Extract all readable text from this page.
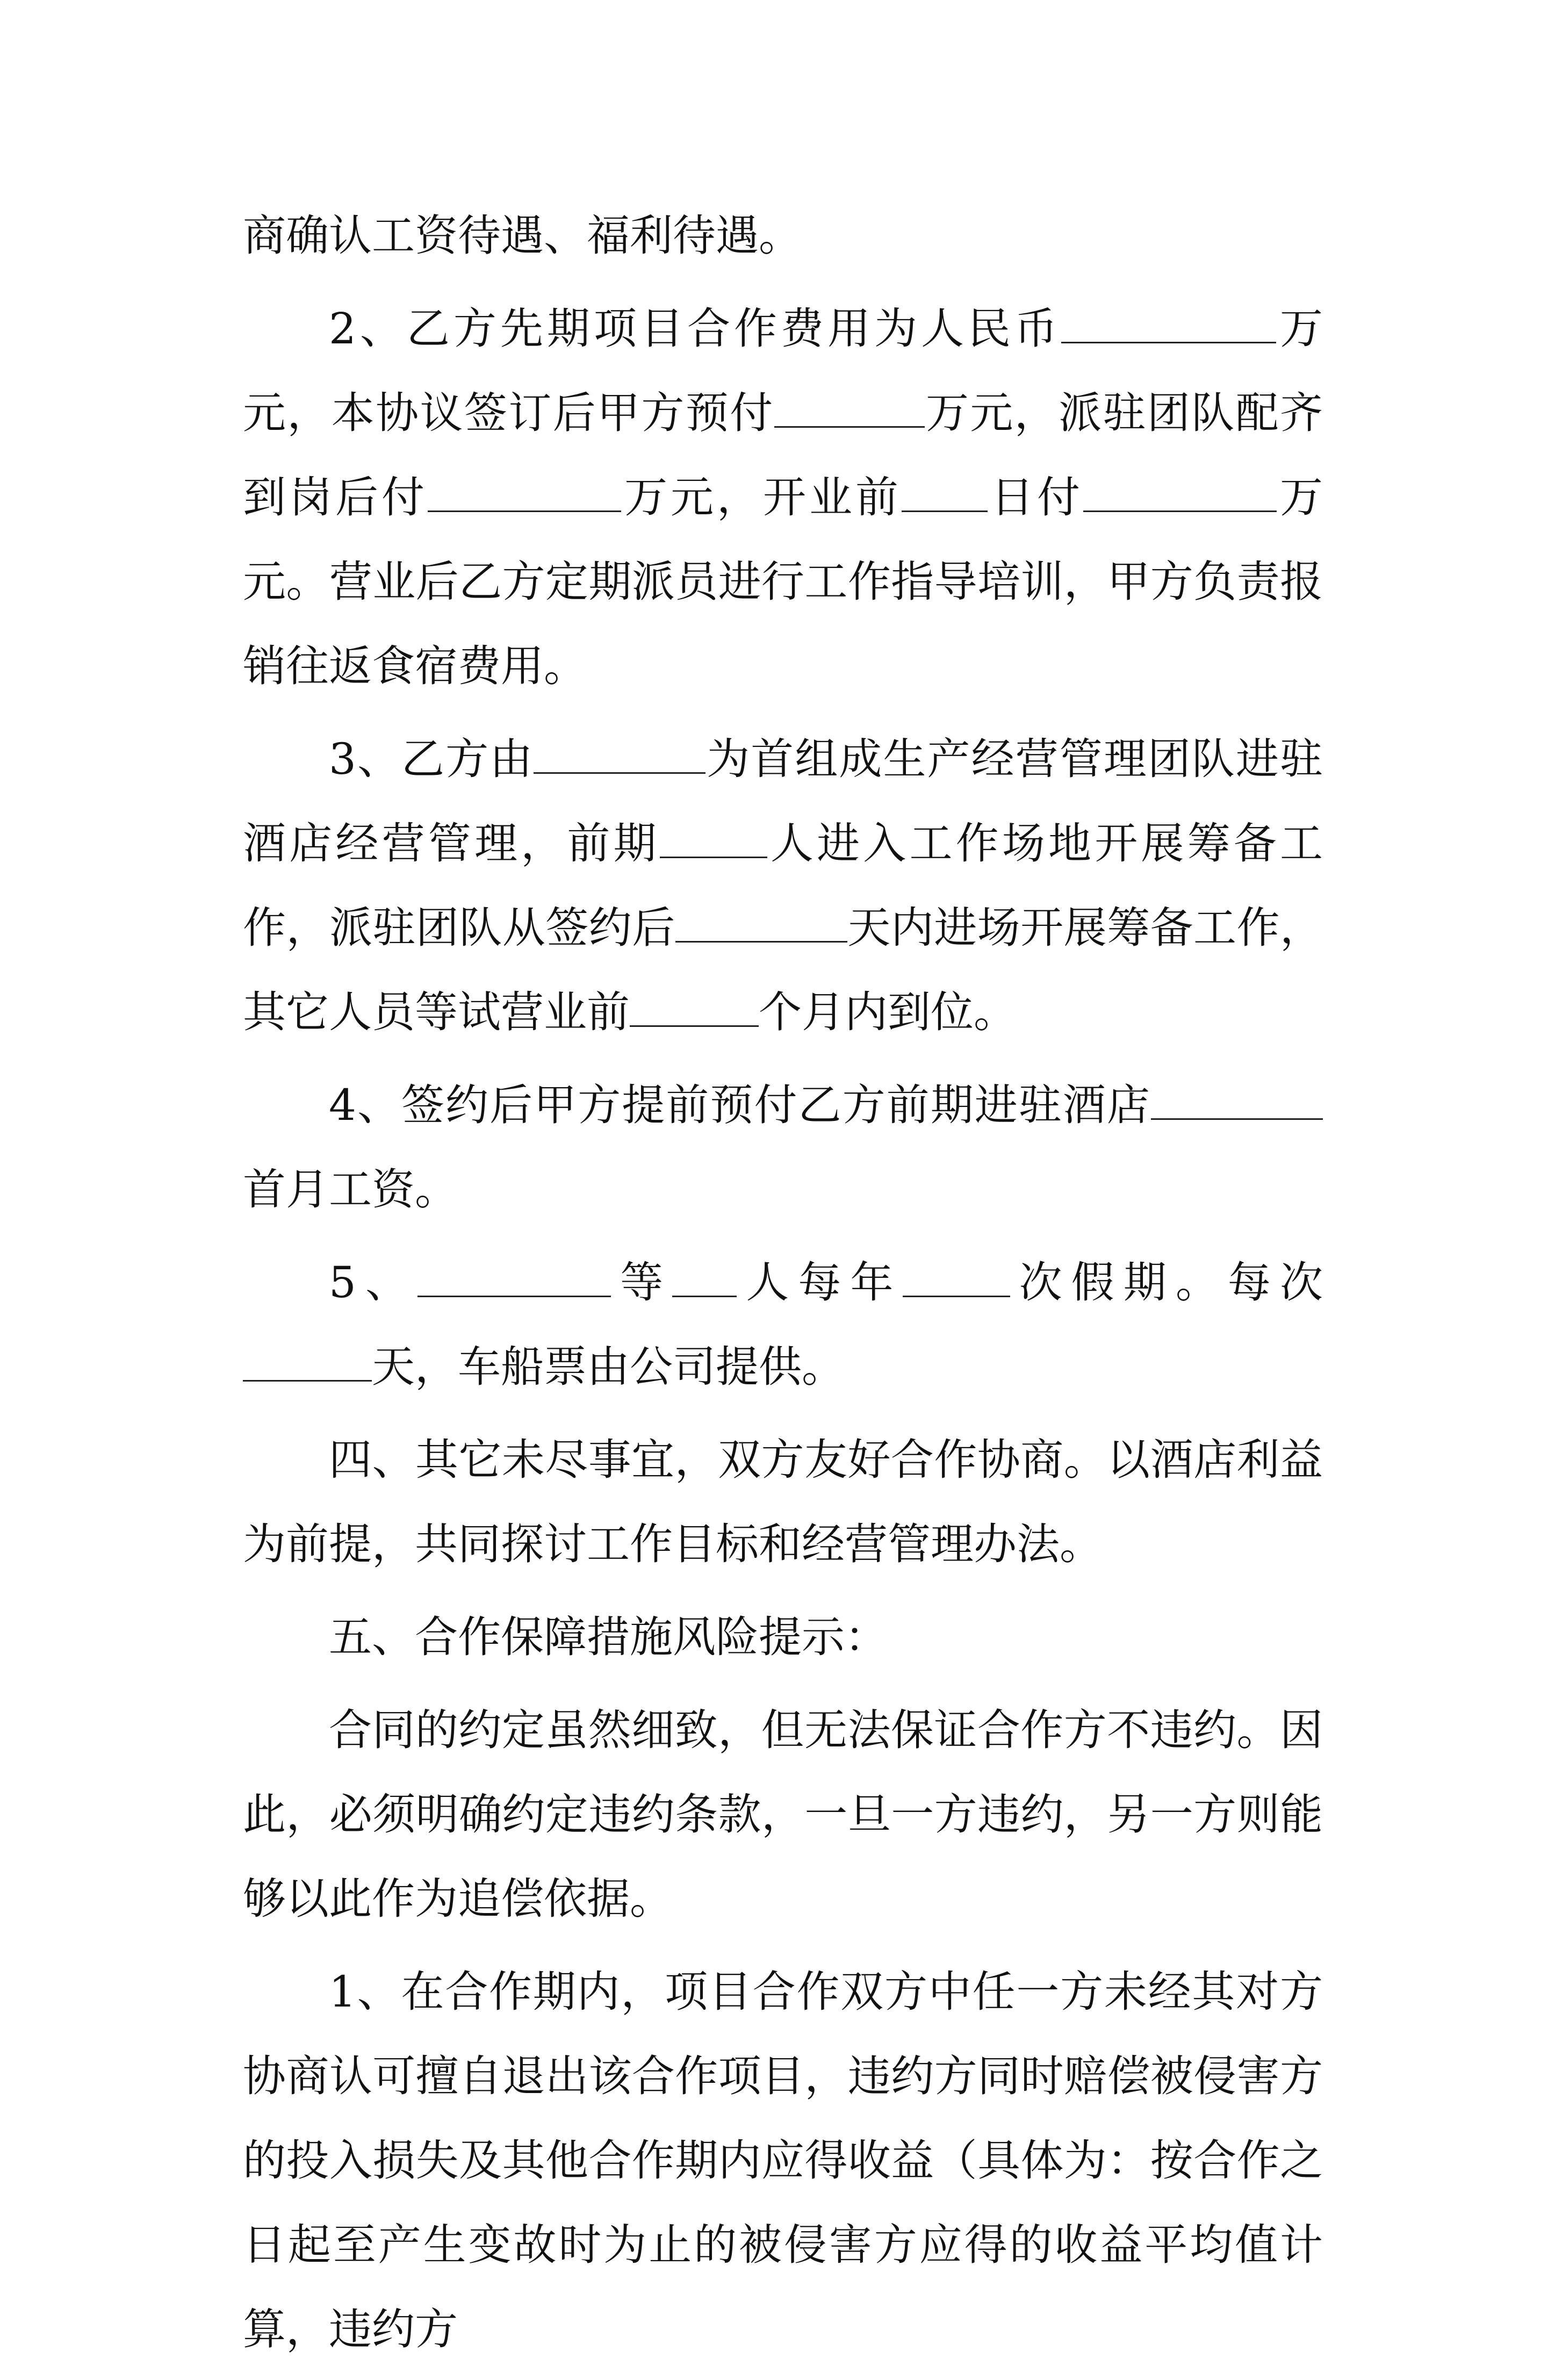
商确认工资待遇、福利待遇。

2、乙方先期项目合作费用为人民币	万元，本协议签订后甲方预付	万元，派驻团队配齐到岗后付	万元，开业前 日付	万元。营业后乙方定期派员进行工作指导培训，甲方负责报销往返食宿费用。

3、乙方由	为首组成生产经营管理团队进驻酒店经营管理，前期	人进入工作场地开展筹备工作，派驻团队从签约后	天内进场开展筹备工作，其它人员等试营业前	个月内到位。

4、签约后甲方提前预付乙方前期进驻酒店首月工资。

5、	等 人每年	次假期。每次天，车船票由公司提供。

四、其它未尽事宜，双方友好合作协商。以酒店利益为前提，共同探讨工作目标和经营管理办法。

五、合作保障措施风险提示：

合同的约定虽然细致，但无法保证合作方不违约。因此，必须明确约定违约条款，一旦一方违约，另一方则能够以此作为追偿依据。

1、在合作期内，项目合作双方中任一方未经其对方协商认可擅自退出该合作项目，违约方同时赔偿被侵害方的投入损失及其他合作期内应得收益（具体为：按合作之日起至产生变故时为止的被侵害方应得的收益平均值计算，违约方
